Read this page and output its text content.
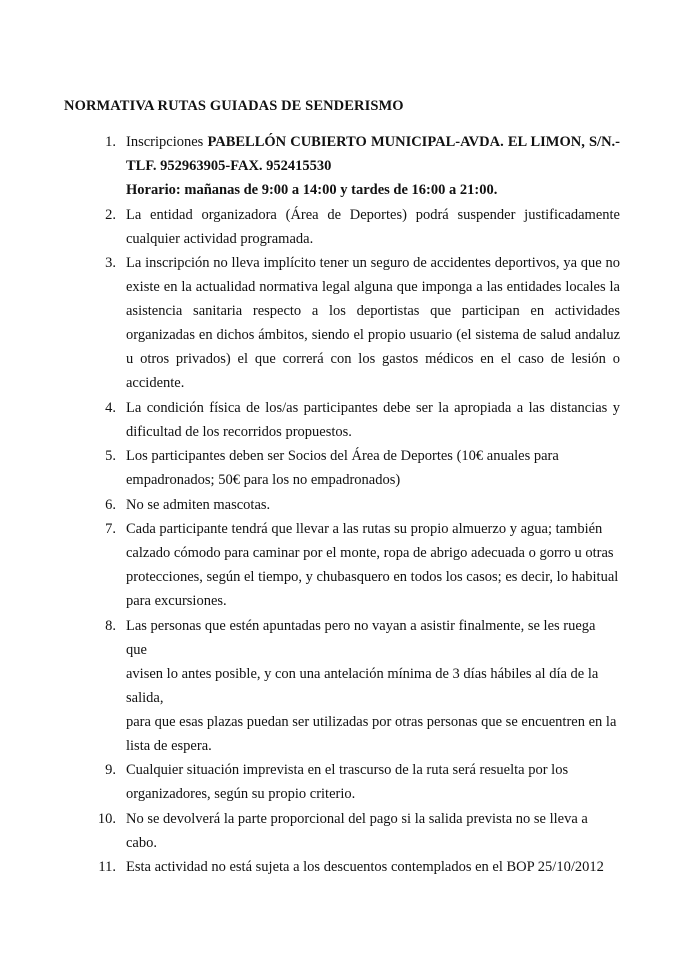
NORMATIVA RUTAS GUIADAS DE SENDERISMO
1. Inscripciones PABELLÓN CUBIERTO MUNICIPAL-AVDA. EL LIMON, S/N.-
TLF. 952963905-FAX. 952415530
Horario: mañanas de 9:00 a 14:00 y tardes de 16:00 a 21:00.
2. La entidad organizadora (Área de Deportes) podrá suspender justificadamente cualquier actividad programada.
3. La inscripción no lleva implícito tener un seguro de accidentes deportivos, ya que no existe en la actualidad normativa legal alguna que imponga a las entidades locales la asistencia sanitaria respecto a los deportistas que participan en actividades organizadas en dichos ámbitos, siendo el propio usuario (el sistema de salud andaluz u otros privados) el que correrá con los gastos médicos en el caso de lesión o accidente.
4. La condición física de los/as participantes debe ser la apropiada a las distancias y dificultad de los recorridos propuestos.
5. Los participantes deben ser Socios del Área de Deportes (10€ anuales para
empadronados; 50€ para los no empadronados)
6. No se admiten mascotas.
7. Cada participante tendrá que llevar a las rutas su propio almuerzo y agua; también
calzado cómodo para caminar por el monte, ropa de abrigo adecuada o gorro u otras
protecciones, según el tiempo, y chubasquero en todos los casos; es decir, lo habitual
para excursiones.
8. Las personas que estén apuntadas pero no vayan a asistir finalmente, se les ruega que
avisen lo antes posible, y con una antelación mínima de 3 días hábiles al día de la salida,
para que esas plazas puedan ser utilizadas por otras personas que se encuentren en la
lista de espera.
9. Cualquier situación imprevista en el trascurso de la ruta será resuelta por los
organizadores, según su propio criterio.
10. No se devolverá la parte proporcional del pago si la salida prevista no se lleva a cabo.
11. Esta actividad no está sujeta a los descuentos contemplados en el BOP 25/10/2012
